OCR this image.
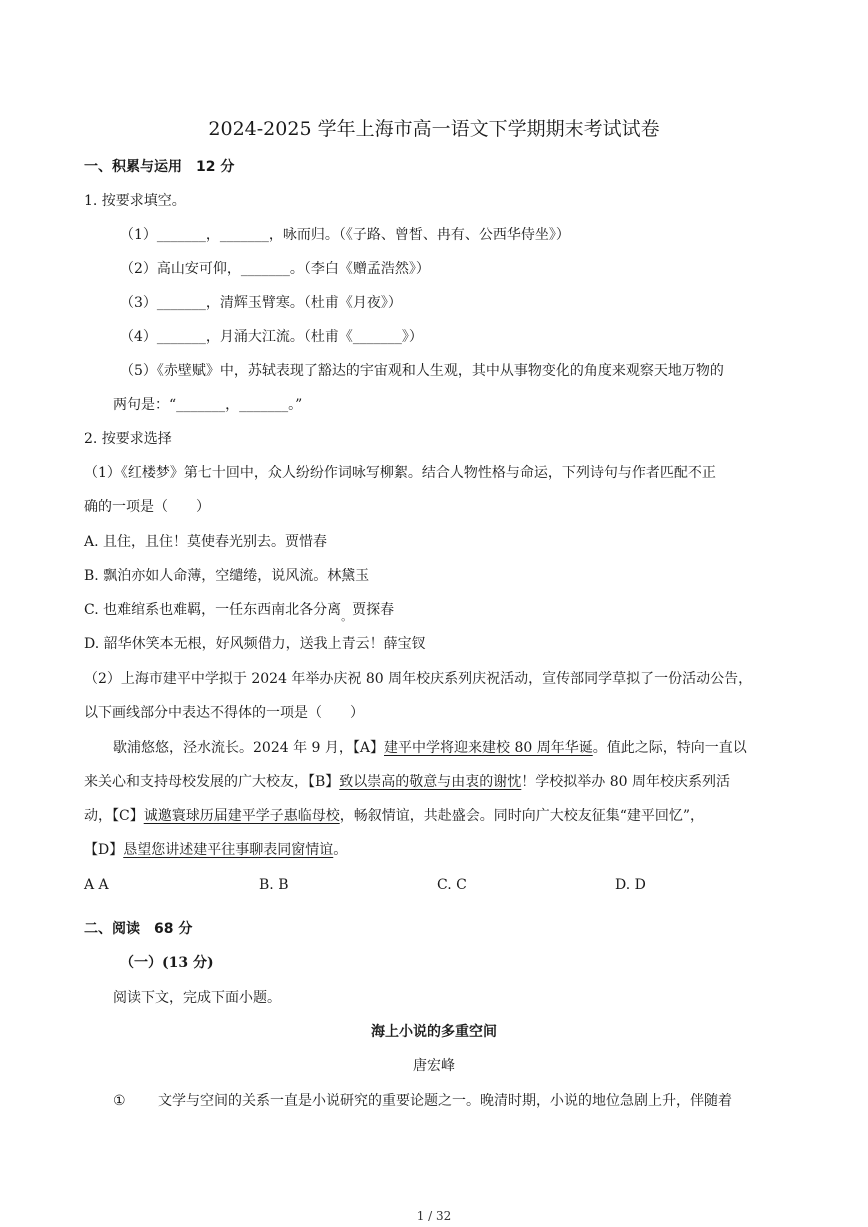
2024-2025 学年上海市高一语文下学期期末考试试卷
一、积累与运用　12 分
1. 按要求填空。
（1）_______，_______，咏而归。（《子路、曾皙、冉有、公西华侍坐》）
（2）高山安可仰，_______。（李白《赠孟浩然》）
（3）_______，清辉玉臂寒。（杜甫《月夜》）
（4）_______，月涌大江流。（杜甫《_______》）
（5）《赤壁赋》中，苏轼表现了豁达的宇宙观和人生观，其中从事物变化的角度来观察天地万物的
两句是：“_______，_______。”
2. 按要求选择
（1）《红楼梦》第七十回中，众人纷纷作词咏写柳絮。结合人物性格与命运，下列诗句与作者匹配不正
确的一项是（　　）
A. 且住，且住！莫使春光别去。贾惜春
B. 飘泊亦如人命薄，空缱绻，说风流。林黛玉
C. 也难绾系也难羁，一任东西南北各分离$_。$贾探春
D. 韶华休笑本无根，好风频借力，送我上青云！薛宝钗
（2）上海市建平中学拟于 2024 年举办庆祝 80 周年校庆系列庆祝活动，宣传部同学草拟了一份活动公告，
以下画线部分中表达不得体的一项是（　　）
歇浦悠悠，泾水流长。2024 年 9 月，【A】建平中学将迎来建校 80 周年华诞。值此之际，特向一直以
来关心和支持母校发展的广大校友，【B】致以崇高的敬意与由衷的谢忱！学校拟举办 80 周年校庆系列活
动，【C】诚邀寰球历届建平学子惠临母校，畅叙情谊，共赴盛会。同时向广大校友征集“建平回忆”，
【D】恳望您讲述建平往事聊表同窗情谊。
A A	B. B	C. C	D. D
二、阅读　68 分
（一）(13 分)
阅读下文，完成下面小题。
海上小说的多重空间
唐宏峰
① 文学与空间的关系一直是小说研究的重要论题之一。晚清时期，小说的地位急剧上升，伴随着
1 / 32
